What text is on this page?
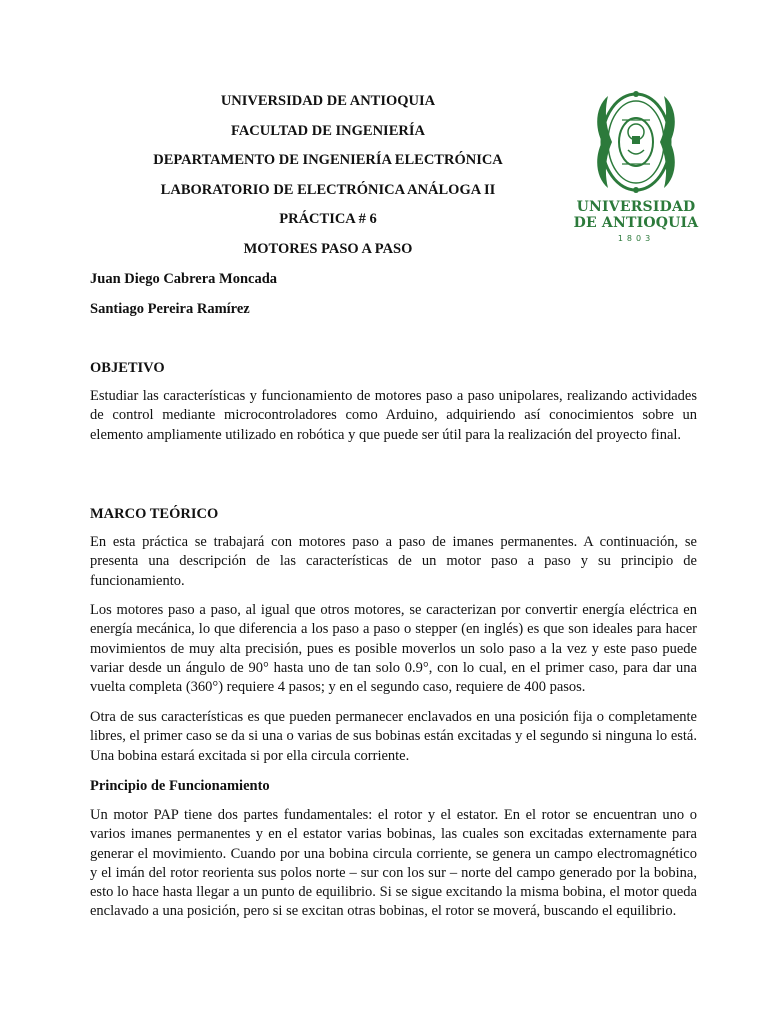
UNIVERSIDAD DE ANTIOQUIA
FACULTAD DE INGENIERÍA
DEPARTAMENTO DE INGENIERÍA ELECTRÓNICA
LABORATORIO DE ELECTRÓNICA ANÁLOGA II
PRÁCTICA # 6
MOTORES PASO A PASO
Juan Diego Cabrera Moncada
Santiago Pereira Ramírez
UNIVERSIDAD
DE ANTIOQUIA
1803
OBJETIVO

Estudiar las características y funcionamiento de motores paso a paso unipolares, realizando actividades de control mediante microcontroladores como Arduino, adquiriendo así conocimientos sobre un elemento ampliamente utilizado en robótica y que puede ser útil para la realización del proyecto final.

MARCO TEÓRICO

En esta práctica se trabajará con motores paso a paso de imanes permanentes. A continuación, se presenta una descripción de las características de un motor paso a paso y su principio de funcionamiento.

Los motores paso a paso, al igual que otros motores, se caracterizan por convertir energía eléctrica en energía mecánica, lo que diferencia a los paso a paso o stepper (en inglés) es que son ideales para hacer movimientos de muy alta precisión, pues es posible moverlos un solo paso a la vez y este paso puede variar desde un ángulo de 90° hasta uno de tan solo 0.9°, con lo cual, en el primer caso, para dar una vuelta completa (360°) requiere 4 pasos; y en el segundo caso, requiere de 400 pasos.

Otra de sus características es que pueden permanecer enclavados en una posición fija o completamente libres, el primer caso se da si una o varias de sus bobinas están excitadas y el segundo si ninguna lo está. Una bobina estará excitada si por ella circula corriente.

Principio de Funcionamiento

Un motor PAP tiene dos partes fundamentales: el rotor y el estator. En el rotor se encuentran uno o varios imanes permanentes y en el estator varias bobinas, las cuales son excitadas externamente para generar el movimiento. Cuando por una bobina circula corriente, se genera un campo electromagnético y el imán del rotor reorienta sus polos norte – sur con los sur – norte del campo generado por la bobina, esto lo hace hasta llegar a un punto de equilibrio. Si se sigue excitando la misma bobina, el motor queda enclavado a una posición, pero si se excitan otras bobinas, el rotor se moverá, buscando el equilibrio.
